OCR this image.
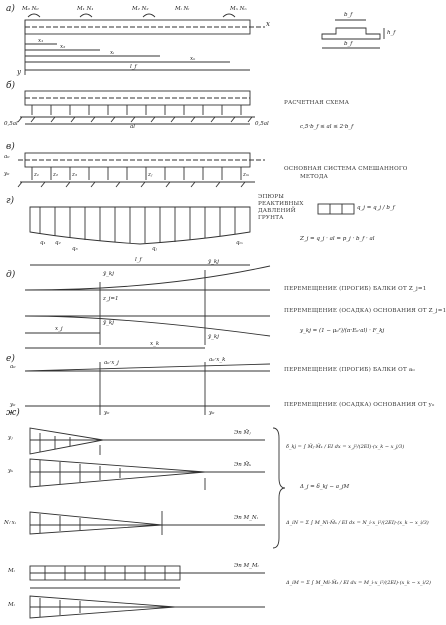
а)
б)
в)
г)
д)
е)
ж)
M₀ N₀	M₁ N₁	M₂ N₂	Mᵢ Nᵢ	Mₙ Nₙ
x
y
x₁
x₂
xᵢ
xₙ
l_f
b_f
b_f
h_f
РАСЧЕТНАЯ СХЕМА
c,5·b_f ≤ al ≤ 2·b_f
0,5al	0,5al
al
ОСНОВНАЯ СИСТЕМА СМЕШАННОГО
МЕТОДА
a₀
y₀	z₁	z₂	z₃	zⱼ	zₘ
ЭПЮРЫ
РЕАКТИВНЫХ
ДАВЛЕНИЙ
ГРУНТА
q_j = q_j / b_f
Z_j = q_j · al = p_j · b_f · al
q₁ q₂
q₃	qⱼ
qₘ
l_f
ПЕРЕМЕЩЕНИЕ (ПРОГИБ) БАЛКИ ОТ Z_j=1
ПЕРЕМЕЩЕНИЕ (ОСАДКА) ОСНОВАНИЯ ОТ Z_j=1
y_kj = (1 − μ₀²)/(π·E₀·al) · F_kj
ȳ_kj
ȳ_kj
z_j=1
ȳ_kj
ȳ_kj
x_j
x_k
ПЕРЕМЕЩЕНИЕ (ПРОГИБ) БАЛКИ ОТ a₀
ПЕРЕМЕЩЕНИЕ (ОСАДКА) ОСНОВАНИЯ ОТ y₀
a₀
a₀·x_j	a₀·x_k
y₀
y₀	y₀
Эп M̄ⱼ
Эп M̄ₖ
Эп M_Nᵢ
Эп M_Mᵢ
yⱼ
yₖ
Nᵢ·xᵢ
Mᵢ
Mᵢ
δ̄_kj = ∫ M̄ⱼ·M̄ₖ / EI dx = x_j²/(2EI)·(x_k − x_j/3)
Δ_j = δ_kj − a_jM
Δ_iN = Σ ∫ M_Ni·M̄ₖ / EI dx = N_i·x_i²/(2EI)·(x_k − x_i/3)
Δ_iM = Σ ∫ M_Mi·M̄ₖ / EI dx = M_i·x_i²/(2EI)·(x_k − x_i/2)
